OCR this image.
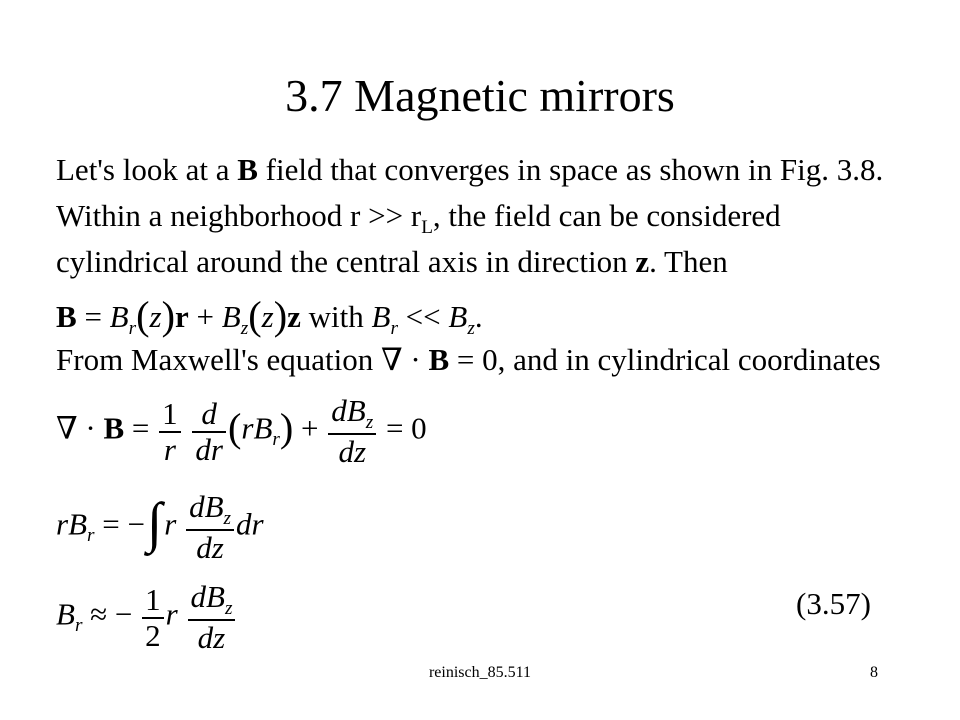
3.7 Magnetic mirrors
Let's look at a B field that converges in space as shown in Fig. 3.8.
Within a neighborhood $r >> r_L$, the field can be considered
cylindrical around the central axis in direction z. Then
$B = B_r(z)r + B_z(z)z$ with $B_r << B_z$.
From Maxwell's equation ∇ · B = 0, and in cylindrical coordinates
∇ · $B = \frac{1}{r}$
$\frac{d}{dr} (rB_r) + \frac{dB_z}{dz} = 0$
$rB_r = -\int r \frac{dB_z}{dz}$ dr
$B_r$ ≈ − $\frac{1}{2}$ r $\frac{dB_z}{dz}$	(3.57)
reinisch_85.511	8
